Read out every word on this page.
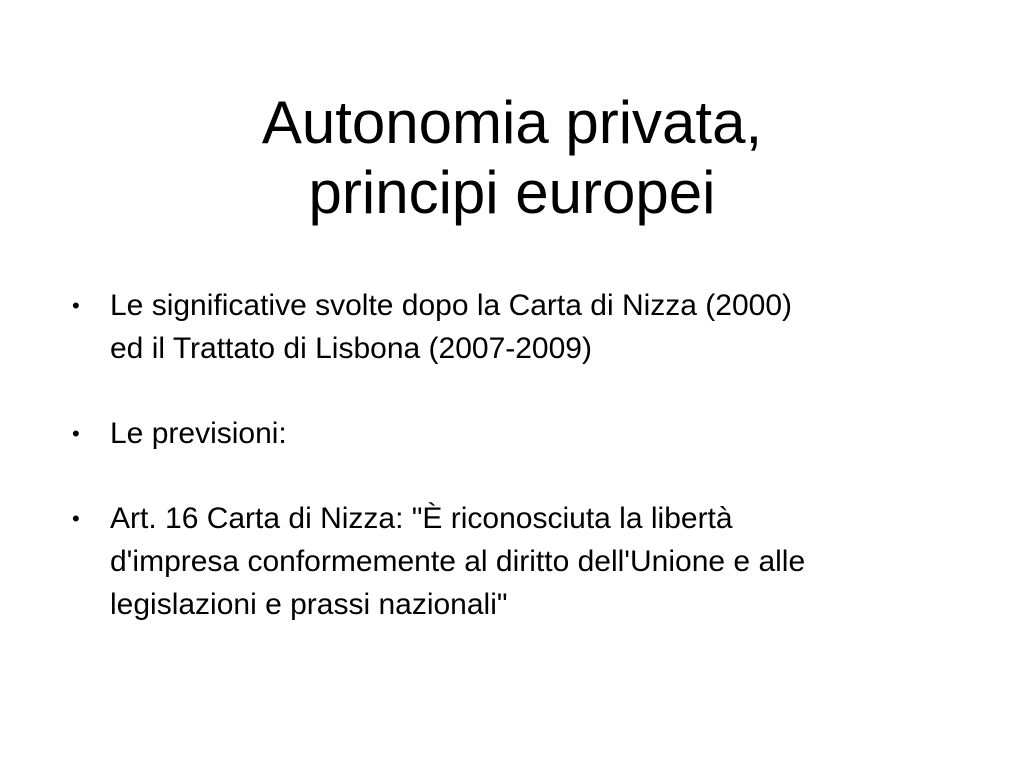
Autonomia privata,
principi europei
•	Le significative svolte dopo la Carta di Nizza (2000)
ed il Trattato di Lisbona (2007-2009)
•	Le previsioni:
•	Art. 16 Carta di Nizza: "È riconosciuta la libertà
d'impresa conformemente al diritto dell'Unione e alle
legislazioni e prassi nazionali"
